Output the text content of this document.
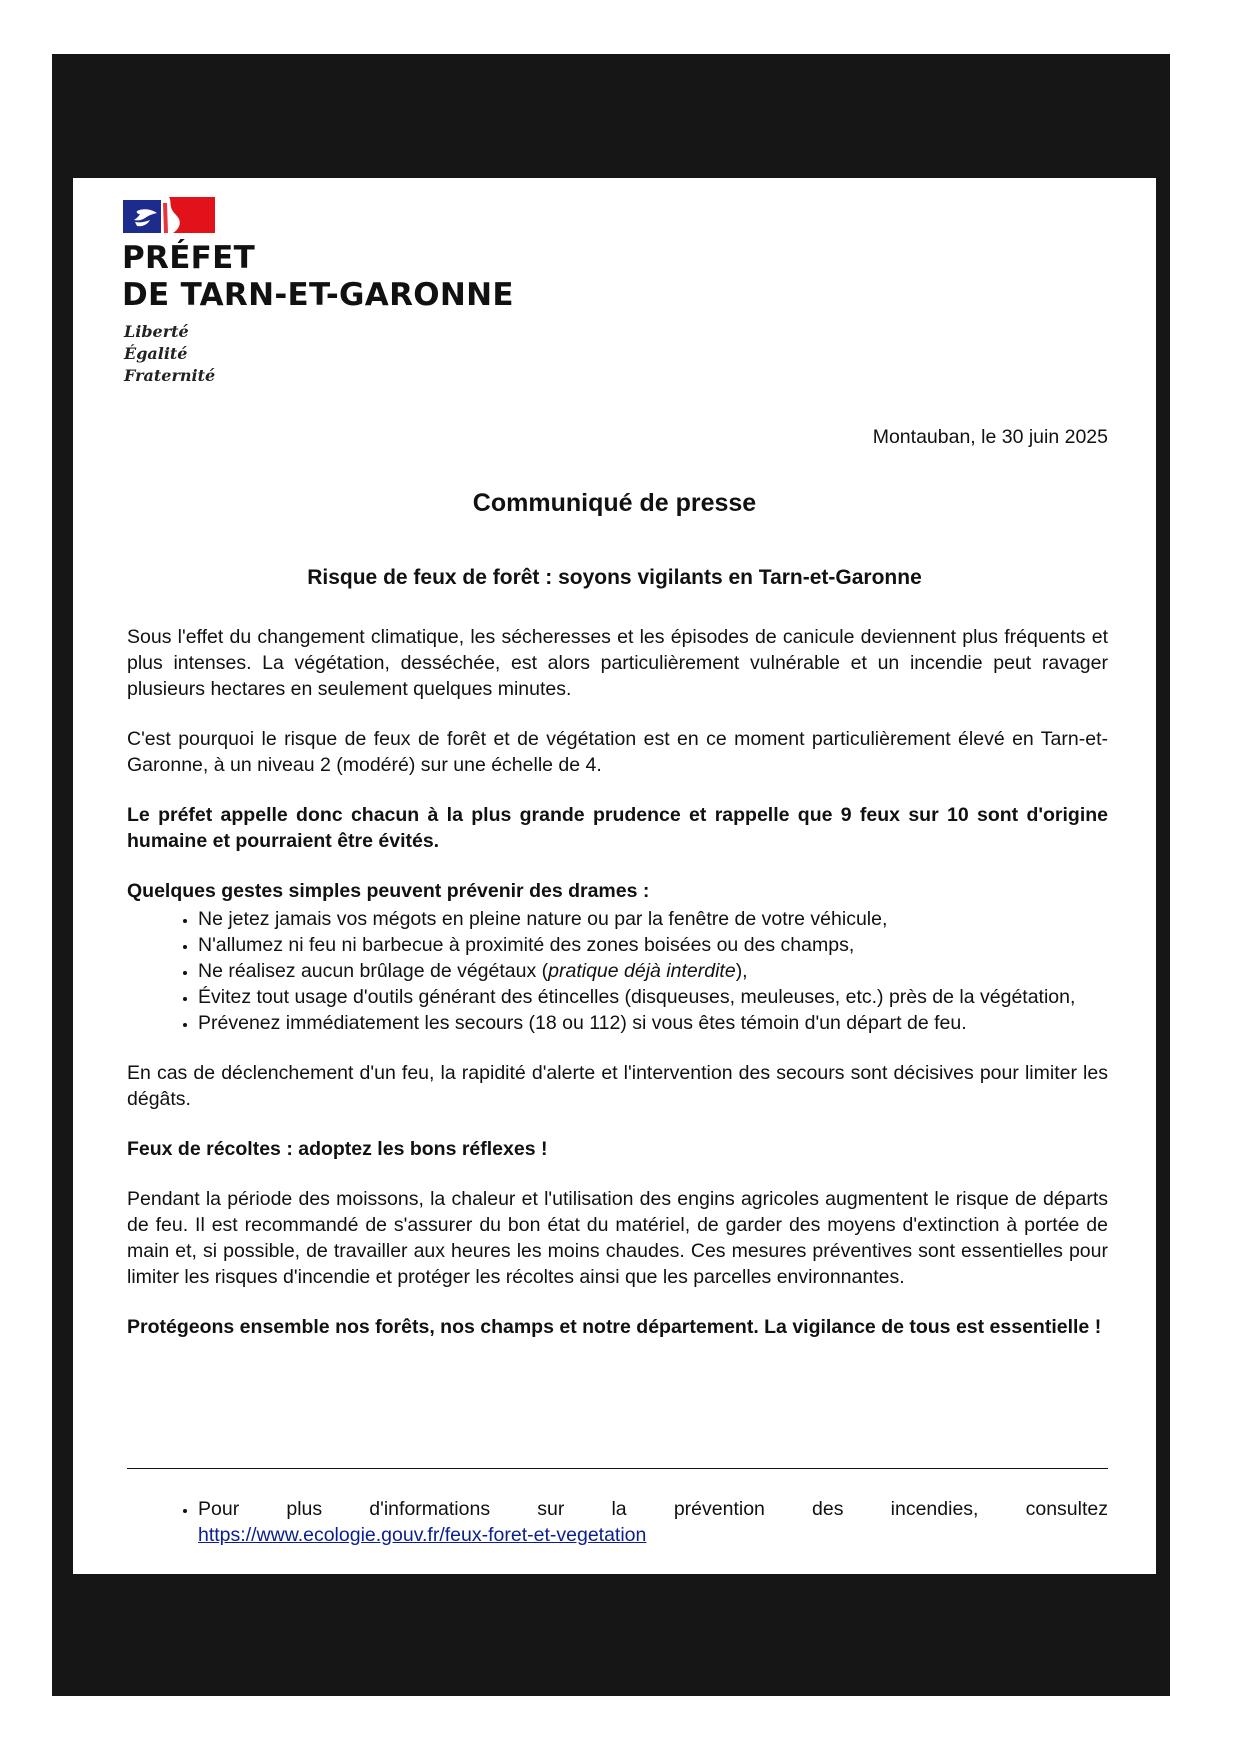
PRÉFET
DE TARN-ET-GARONNE
Liberté
Égalité
Fraternité
Montauban, le 30 juin 2025
Communiqué de presse
Risque de feux de forêt : soyons vigilants en Tarn-et-Garonne

Sous l'effet du changement climatique, les sécheresses et les épisodes de canicule deviennent plus fréquents et plus intenses. La végétation, desséchée, est alors particulièrement vulnérable et un incendie peut ravager plusieurs hectares en seulement quelques minutes.

C'est pourquoi le risque de feux de forêt et de végétation est en ce moment particulièrement élevé en Tarn-et-Garonne, à un niveau 2 (modéré) sur une échelle de 4.

Le préfet appelle donc chacun à la plus grande prudence et rappelle que 9 feux sur 10 sont d'origine humaine et pourraient être évités.

Quelques gestes simples peuvent prévenir des drames :

• Ne jetez jamais vos mégots en pleine nature ou par la fenêtre de votre véhicule,
• N'allumez ni feu ni barbecue à proximité des zones boisées ou des champs,
• Ne réalisez aucun brûlage de végétaux (pratique déjà interdite),
• Évitez tout usage d'outils générant des étincelles (disqueuses, meuleuses, etc.) près de la végétation,
• Prévenez immédiatement les secours (18 ou 112) si vous êtes témoin d'un départ de feu.

En cas de déclenchement d'un feu, la rapidité d'alerte et l'intervention des secours sont décisives pour limiter les dégâts.

Feux de récoltes : adoptez les bons réflexes !

Pendant la période des moissons, la chaleur et l'utilisation des engins agricoles augmentent le risque de départs de feu. Il est recommandé de s'assurer du bon état du matériel, de garder des moyens d'extinction à portée de main et, si possible, de travailler aux heures les moins chaudes. Ces mesures préventives sont essentielles pour limiter les risques d'incendie et protéger les récoltes ainsi que les parcelles environnantes.

Protégeons ensemble nos forêts, nos champs et notre département. La vigilance de tous est essentielle !

• Pour plus d'informations sur la prévention des incendies, consultez
https://www.ecologie.gouv.fr/feux-foret-et-vegetation
